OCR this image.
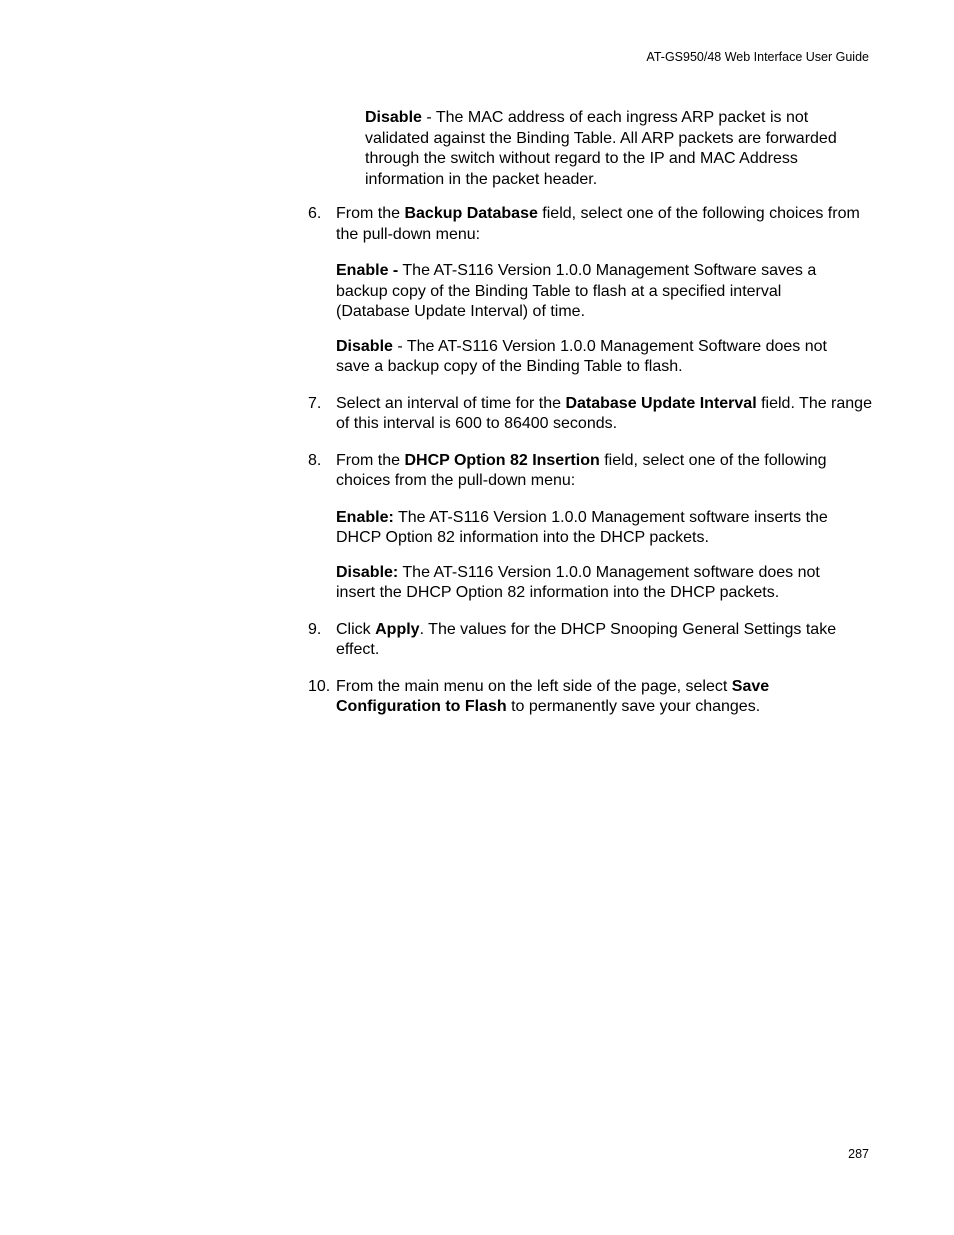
AT-GS950/48 Web Interface User Guide

Disable - The MAC address of each ingress ARP packet is not validated against the Binding Table. All ARP packets are forwarded through the switch without regard to the IP and MAC Address information in the packet header.

6. From the Backup Database field, select one of the following choices from the pull-down menu:

Enable - The AT-S116 Version 1.0.0 Management Software saves a backup copy of the Binding Table to flash at a specified interval (Database Update Interval) of time.

Disable - The AT-S116 Version 1.0.0 Management Software does not save a backup copy of the Binding Table to flash.

7. Select an interval of time for the Database Update Interval field. The range of this interval is 600 to 86400 seconds.
8. From the DHCP Option 82 Insertion field, select one of the following choices from the pull-down menu:

Enable: The AT-S116 Version 1.0.0 Management software inserts the DHCP Option 82 information into the DHCP packets.

Disable: The AT-S116 Version 1.0.0 Management software does not insert the DHCP Option 82 information into the DHCP packets.

9. Click Apply. The values for the DHCP Snooping General Settings take effect.
10. From the main menu on the left side of the page, select Save Configuration to Flash to permanently save your changes.
287
